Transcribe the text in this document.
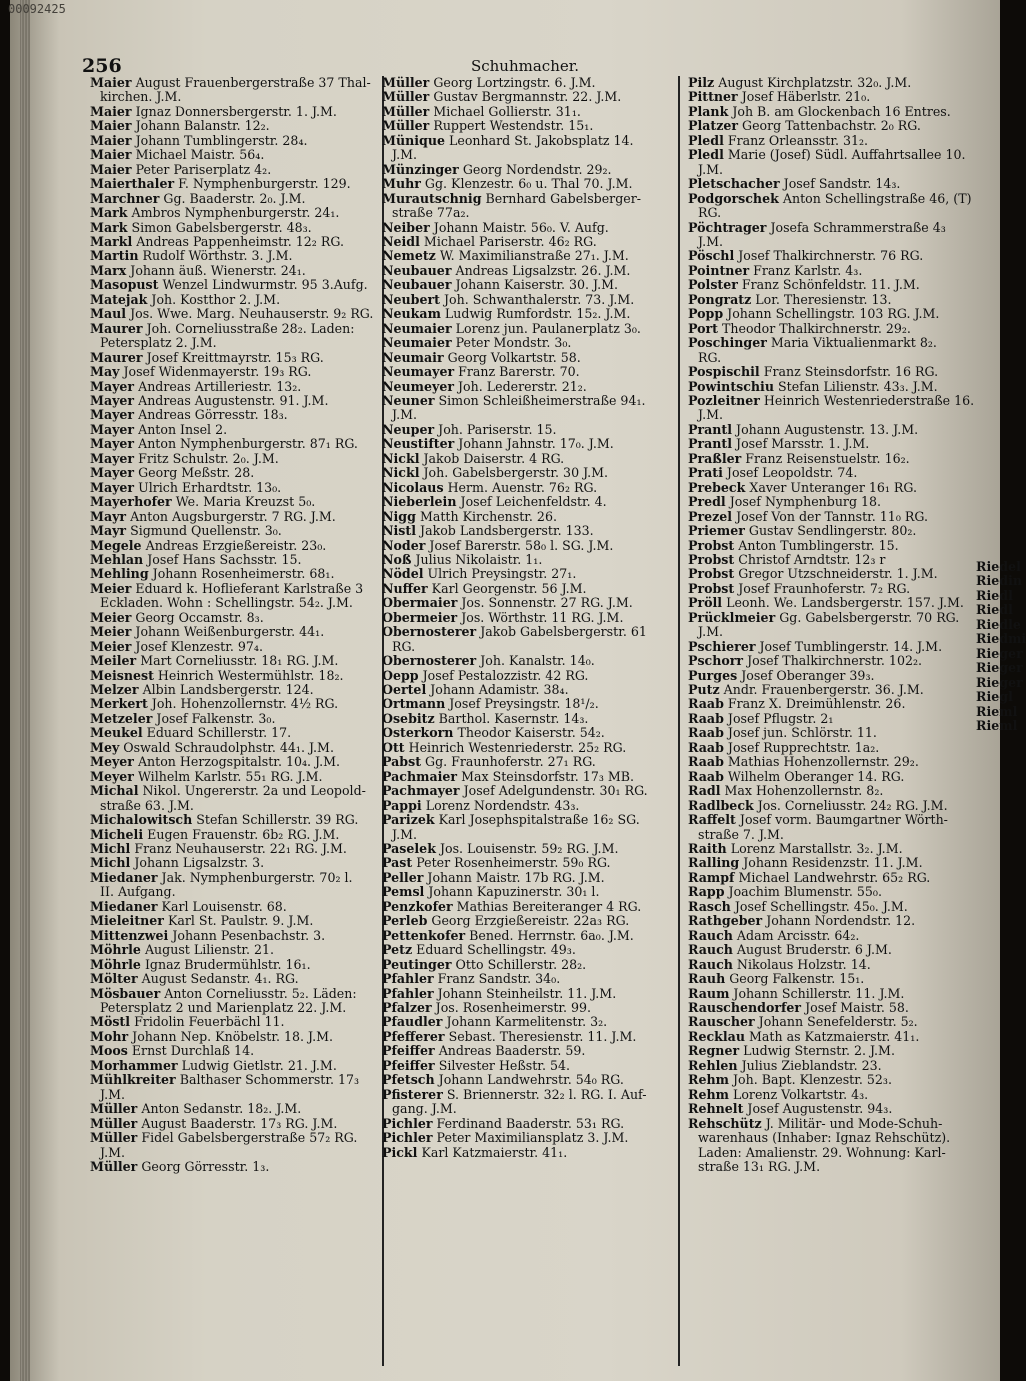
256	Schuhmacher.
Maier August Frauenbergerstraße 37 Thal-
kirchen. J.M.
Maier Ignaz Donnersbergerstr. 1. J.M.
Maier Johann Balanstr. 12₂.
Maier Johann Tumblingerstr. 28₄.
Maier Michael Maistr. 56₄.
Maier Peter Pariserplatz 4₂.
Maierthaler F. Nymphenburgerstr. 129.
Marchner Gg. Baaderstr. 2₀. J.M.
Mark Ambros Nymphenburgerstr. 24₁.
Mark Simon Gabelsbergerstr. 48₃.
Markl Andreas Pappenheimstr. 12₂ RG.
Martin Rudolf Wörthstr. 3. J.M.
Marx Johann äuß. Wienerstr. 24₁.
Masopust Wenzel Lindwurmstr. 95 3.Aufg.
Matejak Joh. Kostthor 2. J.M.
Maul Jos. Wwe. Marg. Neuhauserstr. 9₂ RG.
Maurer Joh. Corneliusstraße 28₂. Laden:
Petersplatz 2. J.M.
Maurer Josef Kreittmayrstr. 15₃ RG.
May Josef Widenmayerstr. 19₃ RG.
Mayer Andreas Artilleriestr. 13₂.
Mayer Andreas Augustenstr. 91. J.M.
Mayer Andreas Görresstr. 18₃.
Mayer Anton Insel 2.
Mayer Anton Nymphenburgerstr. 87₁ RG.
Mayer Fritz Schulstr. 2₀. J.M.
Mayer Georg Meßstr. 28.
Mayer Ulrich Erhardtstr. 13₀.
Mayerhofer We. Maria Kreuzst 5₀.
Mayr Anton Augsburgerstr. 7 RG. J.M.
Mayr Sigmund Quellenstr. 3₀.
Megele Andreas Erzgießereistr. 23₀.
Mehlan Josef Hans Sachsstr. 15.
Mehling Johann Rosenheimerstr. 68₁.
Meier Eduard k. Hoflieferant Karlstraße 3
Eckladen. Wohn : Schellingstr. 54₂. J.M.
Meier Georg Occamstr. 8₃.
Meier Johann Weißenburgerstr. 44₁.
Meier Josef Klenzestr. 97₄.
Meiler Mart Corneliusstr. 18₁ RG. J.M.
Meisnest Heinrich Westermühlstr. 18₂.
Melzer Albin Landsbergerstr. 124.
Merkert Joh. Hohenzollernstr. 4½ RG.
Metzeler Josef Falkenstr. 3₀.
Meukel Eduard Schillerstr. 17.
Mey Oswald Schraudolphstr. 44₁. J.M.
Meyer Anton Herzogspitalstr. 10₄. J.M.
Meyer Wilhelm Karlstr. 55₁ RG. J.M.
Michal Nikol. Ungererstr. 2a und Leopold-
straße 63. J.M.
Michalowitsch Stefan Schillerstr. 39 RG.
Micheli Eugen Frauenstr. 6b₂ RG. J.M.
Michl Franz Neuhauserstr. 22₁ RG. J.M.
Michl Johann Ligsalzstr. 3.
Miedaner Jak. Nymphenburgerstr. 70₂ l.
II. Aufgang.
Miedaner Karl Louisenstr. 68.
Mieleitner Karl St. Paulstr. 9. J.M.
Mittenzwei Johann Pesenbachstr. 3.
Möhrle August Lilienstr. 21.
Möhrle Ignaz Brudermühlstr. 16₁.
Mölter August Sedanstr. 4₁. RG.
Mösbauer Anton Corneliusstr. 5₂. Läden:
Petersplatz 2 und Marienplatz 22. J.M.
Möstl Fridolin Feuerbächl 11.
Mohr Johann Nep. Knöbelstr. 18. J.M.
Moos Ernst Durchlaß 14.
Morhammer Ludwig Gietlstr. 21. J.M.
Mühlkreiter Balthaser Schommerstr. 17₃
J.M.
Müller Anton Sedanstr. 18₂. J.M.
Müller August Baaderstr. 17₃ RG. J.M.
Müller Fidel Gabelsbergerstraße 57₂ RG.
J.M.
Müller Georg Görresstr. 1₃.
Müller Georg Lortzingstr. 6. J.M.
Müller Gustav Bergmannstr. 22. J.M.
Müller Michael Gollierstr. 31₁.
Müller Ruppert Westendstr. 15₁.
Münique Leonhard St. Jakobsplatz 14.
J.M.
Münzinger Georg Nordendstr. 29₂.
Muhr Gg. Klenzestr. 6₀ u. Thal 70. J.M.
Murautschnig Bernhard Gabelsberger-
straße 77a₂.
Neiber Johann Maistr. 56₀. V. Aufg.
Neidl Michael Pariserstr. 46₂ RG.
Nemetz W. Maximilianstraße 27₁. J.M.
Neubauer Andreas Ligsalzstr. 26. J.M.
Neubauer Johann Kaiserstr. 30. J.M.
Neubert Joh. Schwanthalerstr. 73. J.M.
Neukam Ludwig Rumfordstr. 15₂. J.M.
Neumaier Lorenz jun. Paulanerplatz 3₀.
Neumaier Peter Mondstr. 3₀.
Neumair Georg Volkartstr. 58.
Neumayer Franz Barerstr. 70.
Neumeyer Joh. Ledererstr. 21₂.
Neuner Simon Schleißheimerstraße 94₁.
J.M.
Neuper Joh. Pariserstr. 15.
Neustifter Johann Jahnstr. 17₀. J.M.
Nickl Jakob Daiserstr. 4 RG.
Nickl Joh. Gabelsbergerstr. 30 J.M.
Nicolaus Herm. Auenstr. 76₂ RG.
Nieberlein Josef Leichenfeldstr. 4.
Nigg Matth Kirchenstr. 26.
Nistl Jakob Landsbergerstr. 133.
Noder Josef Barerstr. 58₀ l. SG. J.M.
Noß Julius Nikolaistr. 1₁.
Nödel Ulrich Preysingstr. 27₁.
Nuffer Karl Georgenstr. 56 J.M.
Obermaier Jos. Sonnenstr. 27 RG. J.M.
Obermeier Jos. Wörthstr. 11 RG. J.M.
Obernosterer Jakob Gabelsbergerstr. 61
RG.
Obernosterer Joh. Kanalstr. 14₀.
Oepp Josef Pestalozzistr. 42 RG.
Oertel Johann Adamistr. 38₄.
Ortmann Josef Preysingstr. 18¹/₂.
Osebitz Barthol. Kasernstr. 14₃.
Osterkorn Theodor Kaiserstr. 54₂.
Ott Heinrich Westenriederstr. 25₂ RG.
Pabst Gg. Fraunhoferstr. 27₁ RG.
Pachmaier Max Steinsdorfstr. 17₃ MB.
Pachmayer Josef Adelgundenstr. 30₁ RG.
Pappi Lorenz Nordendstr. 43₃.
Parizek Karl Josephspitalstraße 16₂ SG.
J.M.
Paselek Jos. Louisenstr. 59₂ RG. J.M.
Past Peter Rosenheimerstr. 59₀ RG.
Peller Johann Maistr. 17b RG. J.M.
Pemsl Johann Kapuzinerstr. 30₁ l.
Penzkofer Mathias Bereiteranger 4 RG.
Perleb Georg Erzgießereistr. 22a₃ RG.
Pettenkofer Bened. Herrnstr. 6a₀. J.M.
Petz Eduard Schellingstr. 49₃.
Peutinger Otto Schillerstr. 28₂.
Pfahler Franz Sandstr. 34₀.
Pfahler Johann Steinheilstr. 11. J.M.
Pfalzer Jos. Rosenheimerstr. 99.
Pfaudler Johann Karmelitenstr. 3₂.
Pfefferer Sebast. Theresienstr. 11. J.M.
Pfeiffer Andreas Baaderstr. 59.
Pfeiffer Silvester Heßstr. 54.
Pfetsch Johann Landwehrstr. 54₀ RG.
Pfisterer S. Briennerstr. 32₂ l. RG. I. Auf-
gang. J.M.
Pichler Ferdinand Baaderstr. 53₁ RG.
Pichler Peter Maximiliansplatz 3. J.M.
Pickl Karl Katzmaierstr. 41₁.
Pilz August Kirchplatzstr. 32₀. J.M.
Pittner Josef Häberlstr. 21₀.
Plank Joh B. am Glockenbach 16 Entres.
Platzer Georg Tattenbachstr. 2₀ RG.
Pledl Franz Orleansstr. 31₂.
Pledl Marie (Josef) Südl. Auffahrtsallee 10.
J.M.
Pletschacher Josef Sandstr. 14₃.
Podgorschek Anton Schellingstraße 46, (T)
RG.
Pöchtrager Josefa Schrammerstraße 4₃
J.M.
Pöschl Josef Thalkirchnerstr. 76 RG.
Pointner Franz Karlstr. 4₃.
Polster Franz Schönfeldstr. 11. J.M.
Pongratz Lor. Theresienstr. 13.
Popp Johann Schellingstr. 103 RG. J.M.
Port Theodor Thalkirchnerstr. 29₂.
Poschinger Maria Viktualienmarkt 8₂.
RG.
Pospischil Franz Steinsdorfstr. 16 RG.
Powintschiu Stefan Lilienstr. 43₃. J.M.
Pozleitner Heinrich Westenriederstraße 16.
J.M.
Prantl Johann Augustenstr. 13. J.M.
Prantl Josef Marsstr. 1. J.M.
Praßler Franz Reisenstuelstr. 16₂.
Prati Josef Leopoldstr. 74.
Prebeck Xaver Unteranger 16₁ RG.
Predl Josef Nymphenburg 18.
Prezel Josef Von der Tannstr. 11₀ RG.
Priemer Gustav Sendlingerstr. 80₂.
Probst Anton Tumblingerstr. 15.
Probst Christof Arndtstr. 12₃ r
Probst Gregor Utzschneiderstr. 1. J.M.
Probst Josef Fraunhoferstr. 7₂ RG.
Pröll Leonh. We. Landsbergerstr. 157. J.M.
Prücklmeier Gg. Gabelsbergerstr. 70 RG.
J.M.
Pschierer Josef Tumblingerstr. 14. J.M.
Pschorr Josef Thalkirchnerstr. 102₂.
Purges Josef Oberanger 39₃.
Putz Andr. Frauenbergerstr. 36. J.M.
Raab Franz X. Dreimühlenstr. 26.
Raab Josef Pflugstr. 2₁
Raab Josef jun. Schlörstr. 11.
Raab Josef Rupprechtstr. 1a₂.
Raab Mathias Hohenzollernstr. 29₂.
Raab Wilhelm Oberanger 14. RG.
Radl Max Hohenzollernstr. 8₂.
Radlbeck Jos. Corneliusstr. 24₂ RG. J.M.
Raffelt Josef vorm. Baumgartner Wörth-
straße 7. J.M.
Raith Lorenz Marstallstr. 3₂. J.M.
Ralling Johann Residenzstr. 11. J.M.
Rampf Michael Landwehrstr. 65₂ RG.
Rapp Joachim Blumenstr. 55₀.
Rasch Josef Schellingstr. 45₀. J.M.
Rathgeber Johann Nordendstr. 12.
Rauch Adam Arcisstr. 64₂.
Rauch August Bruderstr. 6 J.M.
Rauch Nikolaus Holzstr. 14.
Rauh Georg Falkenstr. 15₁.
Raum Johann Schillerstr. 11. J.M.
Rauschendorfer Josef Maistr. 58.
Rauscher Johann Senefelderstr. 5₂.
Recklau Math as Katzmaierstr. 41₁.
Regner Ludwig Sternstr. 2. J.M.
Rehlen Julius Zieblandstr. 23.
Rehm Joh. Bapt. Klenzestr. 52₃.
Rehm Lorenz Volkartstr. 4₃.
Rehnelt Josef Augustenstr. 94₃.
Rehschütz J. Militär- und Mode-Schuh-
warenhaus (Inhaber: Ignaz Rehschütz).
Laden: Amalienstr. 29. Wohnung: Karl-
straße 13₁ RG. J.M.
Riedel
Riedin
Riedl
Riedl
Riedle
Riedmi
Rieger
Rieger
Rieger
Riegl
Rieml
Rieml
00092425
